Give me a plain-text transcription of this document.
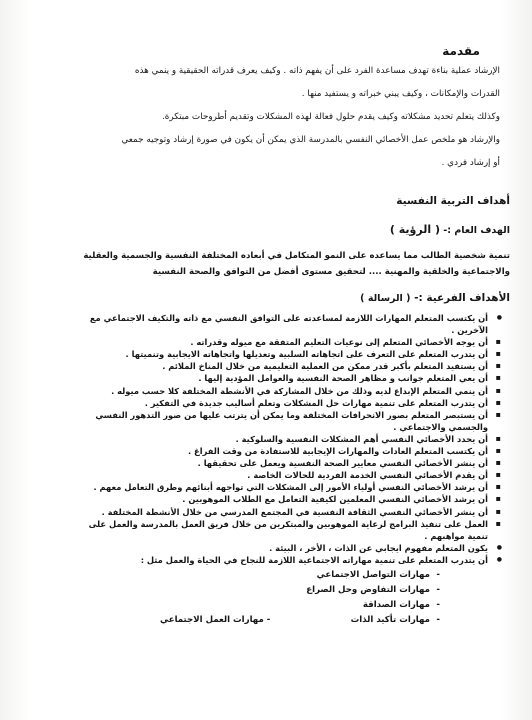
مقدمة

الإرشاد عملية بناءة تهدف مساعدة الفرد على أن يفهم ذاته . وكيف يعرف قدراته الحقيقية و ينمي هذه

القدرات والإمكانات ، وكيف يبني خبراته و يستفيد منها .

وكذلك يتعلم تحديد مشكلاته وكيف يقدم حلول فعالة لهذه المشكلات وتقديم أطروحات مبتكرة.

والإرشاد هو ملخص عمل الأخصائي النفسي بالمدرسة الذي يمكن أن يكون في صورة إرشاد وتوجيه جمعي

أو إرشاد فردي .

أهداف التربية النفسية

الهدف العام :- ( الرؤية )

تنمية شخصية الطالب مما يساعده على النمو المتكامل في أبعاده المختلفة النفسية والجسمية والعقلية

والاجتماعية والخلقية والمهنية .... لتحقيق مستوى أفضل من التوافق والصحة النفسية

الأهداف الفرعية :- ( الرسالة )

● أن يكتسب المتعلم المهارات اللازمة لمساعدته على التوافق النفسي مع ذاته والتكيف الاجتماعي مع
الآخرين .
▪ أن يوجه الأخصائي المتعلم إلى نوعيات التعليم المتفقة مع ميوله وقدراته .
▪ أن يتدرب المتعلم على التعرف على اتجاهاته السلبية وتعديلها واتجاهاته الايجابية وتنميتها .
▪ أن يستفيد المتعلم بأكبر قدر ممكن من العملية التعليمية من خلال المناخ الملائم .
▪ أن يعي المتعلم جوانب و مظاهر الصحة النفسية والعوامل المؤدية إليها .
▪ أن ينمي المتعلم الإبداع لديه وذلك من خلال المشاركة في الأنشطة المختلفة كلا حسب ميوله .
▪ أن يتدرب المتعلم على تنمية مهارات حل المشكلات وتعلم أساليب جديدة في التفكير .
▪ أن يستبصر المتعلم بصور الانحرافات المختلفة وما يمكن أن يترتب عليها من صور التدهور النفسي
والجسمي والاجتماعي .
▪ أن يحدد الأخصائي النفسي أهم المشكلات النفسية والسلوكية .
▪ أن يكتسب المتعلم العادات والمهارات الإيجابية للاستفادة من وقت الفراغ .
▪ أن ينشر الأخصائي النفسي معايير الصحة النفسية ويعمل على تحقيقها .
▪ أن يقدم الأخصائي النفسي الخدمة الفردية للحالات الخاصة .
▪ أن يرشد الأخصائي النفسي أولياء الأمور إلى المشكلات التي تواجهه أبنائهم وطرق التعامل معهم .
▪ أن يرشد الأخصائي النفسي المعلمين لكيفية التعامل مع الطلاب الموهوبين .
▪ أن ينشر الأخصائي النفسي الثقافة النفسية في المجتمع المدرسي من خلال الأنشطة المختلفة .
▪ العمل على تنفيذ البرامج لرعاية الموهوبين والمبتكرين من خلال فريق العمل بالمدرسة والعمل على
تنمية مواهبهم .
● يكون المتعلم مفهوم ايجابي عن الذات ، الأخر ، البيئة .
● أن يتدرب المتعلم على تنمية مهاراته الاجتماعية اللازمة للنجاح في الحياة والعمل مثل :
- مهارات التواصل الاجتماعي
- مهارات التفاوض وحل الصراع
- مهارات الصداقة
- مهارات تأكيد الذات
- مهارات العمل الاجتماعي
